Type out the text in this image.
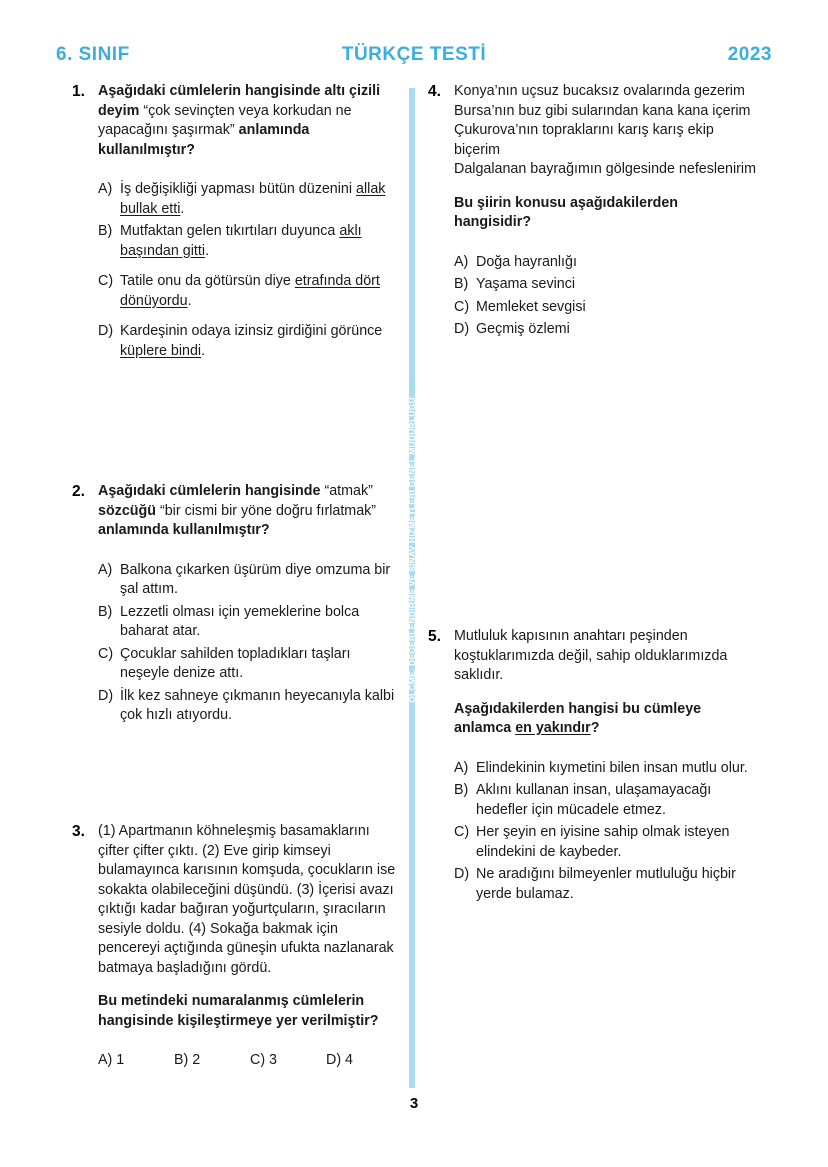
6. SINIF	TÜRKÇE TESTİ	2023
ÖLÇME, DEĞERLENDİRME VE SINAV HİZMETLERİ GENEL MÜDÜRLÜĞÜ
1. Aşağıdaki cümlelerin hangisinde altı çizili deyim “çok sevinçten veya korkudan ne yapacağını şaşırmak” anlamında kullanılmıştır?
A) İş değişikliği yapması bütün düzenini allak bullak etti.
B) Mutfaktan gelen tıkırtıları duyunca aklı başından gitti.
C) Tatile onu da götürsün diye etrafında dört dönüyordu.
D) Kardeşinin odaya izinsiz girdiğini görünce küplere bindi.
2. Aşağıdaki cümlelerin hangisinde “atmak” sözcüğü “bir cismi bir yöne doğru fırlatmak” anlamında kullanılmıştır?
A) Balkona çıkarken üşürüm diye omzuma bir şal attım.
B) Lezzetli olması için yemeklerine bolca baharat atar.
C) Çocuklar sahilden topladıkları taşları neşeyle denize attı.
D) İlk kez sahneye çıkmanın heyecanıyla kalbi çok hızlı atıyordu.
3. (1) Apartmanın köhneleşmiş basamaklarını çifter çifter çıktı. (2) Eve girip kimseyi bulamayınca karısının komşuda, çocukların ise sokakta olabileceğini düşündü. (3) İçerisi avazı çıktığı kadar bağıran yoğurtçuların, şıracıların sesiyle doldu. (4) Sokağa bakmak için pencereyi açtığında güneşin ufukta nazlanarak batmaya başladığını gördü.
Bu metindeki numaralanmış cümlelerin hangisinde kişileştirmeye yer verilmiştir?
A) 1	B) 2	C) 3	D) 4
4. Konya’nın uçsuz bucaksız ovalarında gezerim
Bursa’nın buz gibi sularından kana kana içerim
Çukurova’nın topraklarını karış karış ekip biçerim
Dalgalanan bayrağımın gölgesinde nefeslenirim
Bu şiirin konusu aşağıdakilerden hangisidir?
A) Doğa hayranlığı
B) Yaşama sevinci
C) Memleket sevgisi
D) Geçmiş özlemi
5. Mutluluk kapısının anahtarı peşinden koştuklarımızda değil, sahip olduklarımızda saklıdır.
Aşağıdakilerden hangisi bu cümleye anlamca en yakındır?
A) Elindekinin kıymetini bilen insan mutlu olur.
B) Aklını kullanan insan, ulaşamayacağı hedefler için mücadele etmez.
C) Her şeyin en iyisine sahip olmak isteyen elindekini de kaybeder.
D) Ne aradığını bilmeyenler mutluluğu hiçbir yerde bulamaz.
3
